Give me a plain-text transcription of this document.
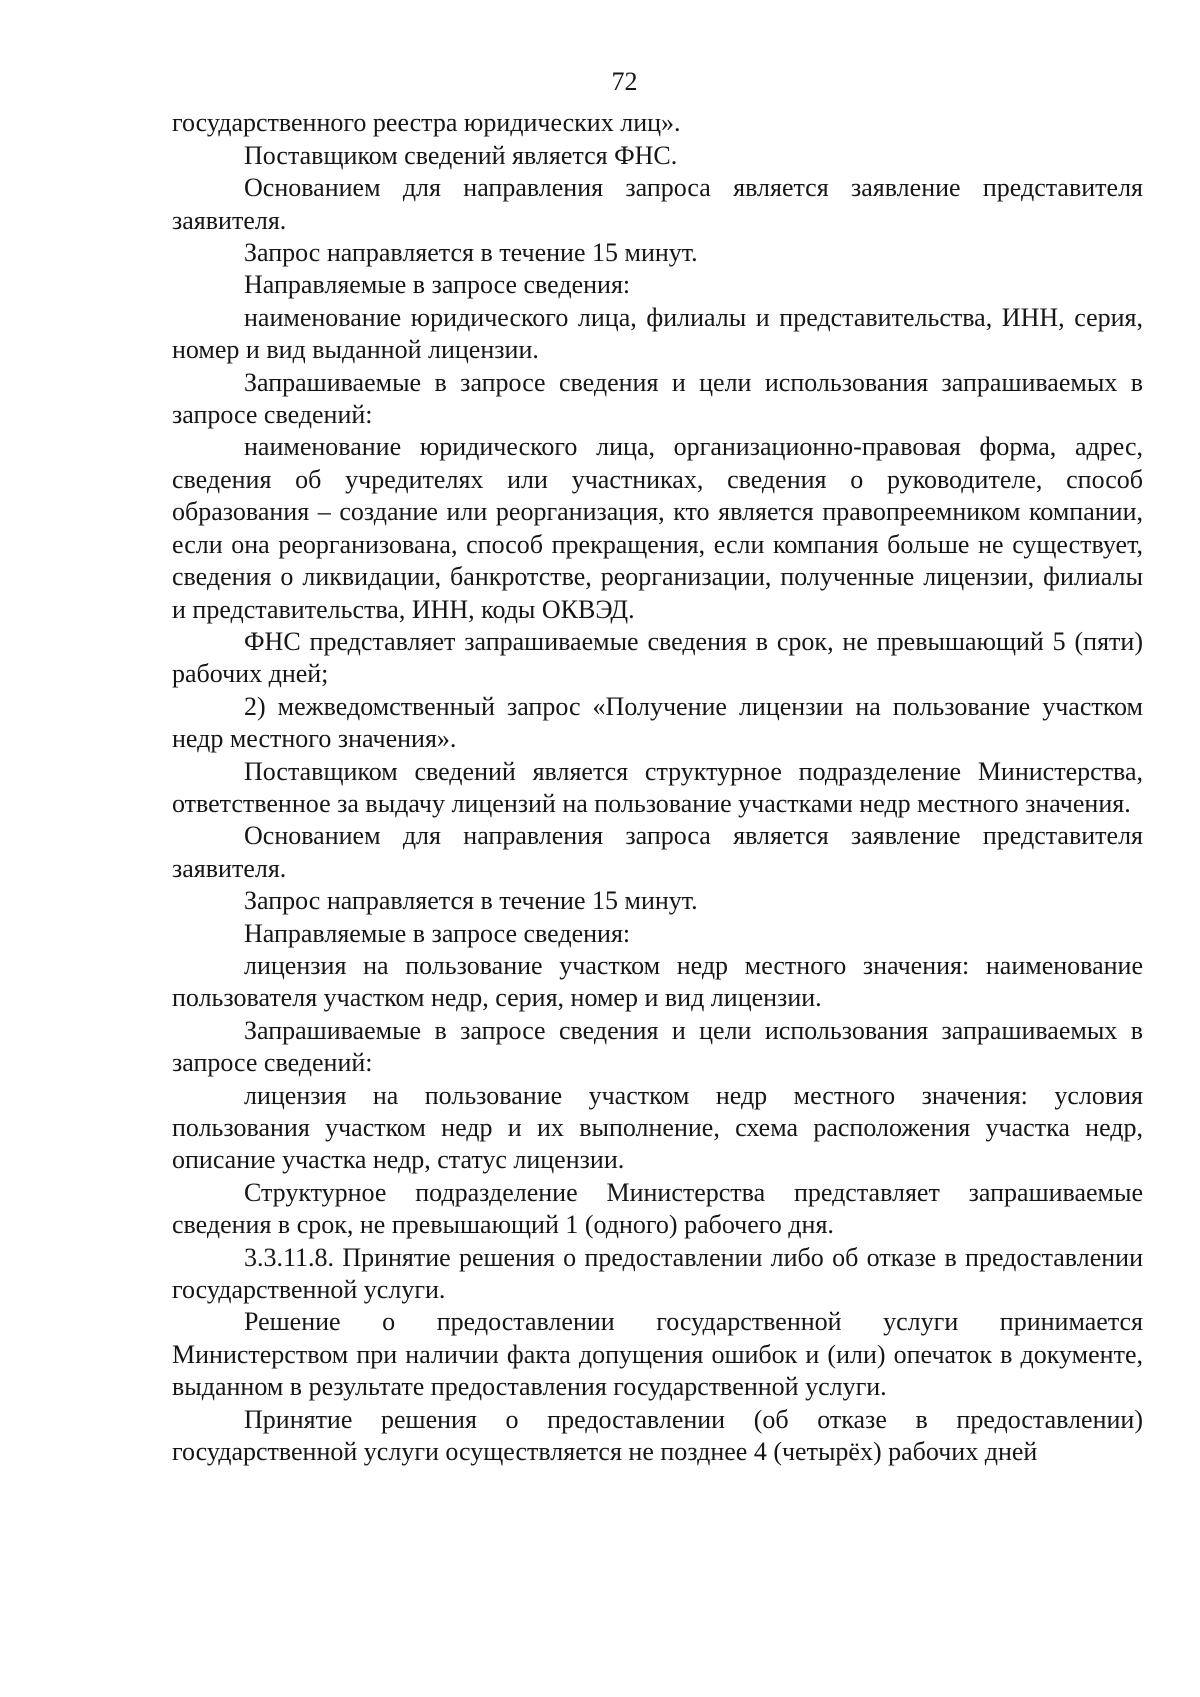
72

государственного реестра юридических лиц».

Поставщиком сведений является ФНС.

Основанием для направления запроса является заявление представителя заявителя.

Запрос направляется в течение 15 минут.

Направляемые в запросе сведения:

наименование юридического лица, филиалы и представительства, ИНН, серия, номер и вид выданной лицензии.

Запрашиваемые в запросе сведения и цели использования запрашиваемых в запросе сведений:

наименование юридического лица, организационно-правовая форма, адрес, сведения об учредителях или участниках, сведения о руководителе, способ образования – создание или реорганизация, кто является правопреемником компании, если она реорганизована, способ прекращения, если компания больше не существует, сведения о ликвидации, банкротстве, реорганизации, полученные лицензии, филиалы и представительства, ИНН, коды ОКВЭД.

ФНС представляет запрашиваемые сведения в срок, не превышающий 5 (пяти) рабочих дней;

2) межведомственный запрос «Получение лицензии на пользование участком недр местного значения».

Поставщиком сведений является структурное подразделение Министерства, ответственное за выдачу лицензий на пользование участками недр местного значения.

Основанием для направления запроса является заявление представителя заявителя.

Запрос направляется в течение 15 минут.

Направляемые в запросе сведения:

лицензия на пользование участком недр местного значения: наименование пользователя участком недр, серия, номер и вид лицензии.

Запрашиваемые в запросе сведения и цели использования запрашиваемых в запросе сведений:

лицензия на пользование участком недр местного значения: условия пользования участком недр и их выполнение, схема расположения участка недр, описание участка недр, статус лицензии.

Структурное подразделение Министерства представляет запрашиваемые сведения в срок, не превышающий 1 (одного) рабочего дня.

3.3.11.8. Принятие решения о предоставлении либо об отказе в предоставлении государственной услуги.

Решение о предоставлении государственной услуги принимается Министерством при наличии факта допущения ошибок и (или) опечаток в документе, выданном в результате предоставления государственной услуги.

Принятие решения о предоставлении (об отказе в предоставлении) государственной услуги осуществляется не позднее 4 (четырёх) рабочих дней
